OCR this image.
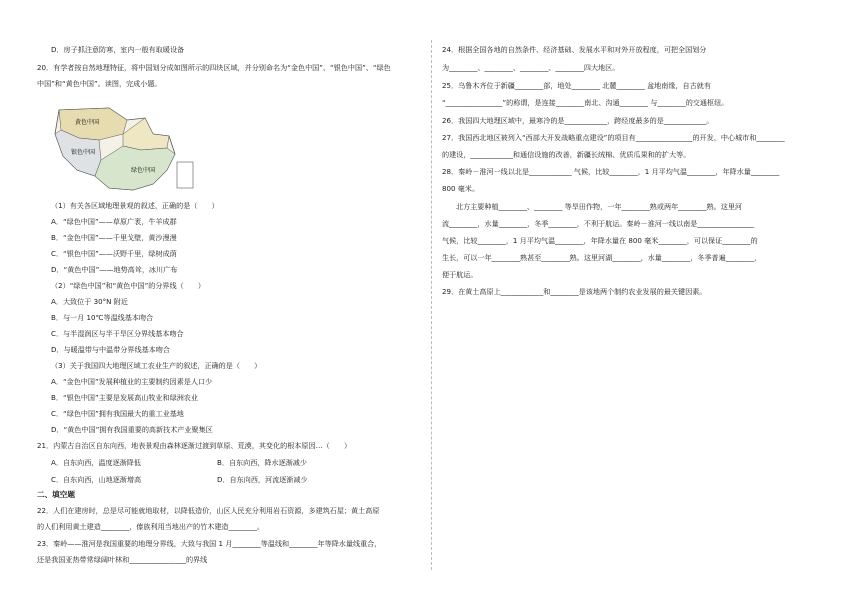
D．房子抓注意防寒，室内一般有取暖设备
20．有学者按自然地理特征，将中国划分成如图所示的四块区域，并分别命名为“金色中国”、“银色中国”、“绿色
中国”和“黄色中国”。读图，完成小题。
（1）有关各区域地理景观的叙述，正确的是（　　）
A．“绿色中国”——草原广袤，牛羊成群
B．“金色中国”——千里戈壁，黄沙漫漫
C．“银色中国”——沃野千里，绿树成荫
D．“黄色中国”——地势高耸，冰川广布
（2）“绿色中国”和“黄色中国”的分界线（　　）
A．大致位于 30°N 附近
B．与一月 10℃等温线基本吻合
C．与半湿润区与半干旱区分界线基本吻合
D．与暖温带与中温带分界线基本吻合
（3）关于我国四大地理区域工农业生产的叙述，正确的是（　　）
A．“金色中国”发展种植业的主要制约因素是人口少
B．“银色中国”主要是发展高山牧业和绿洲农业
C．“绿色中国”拥有我国最大的重工业基地
D．“黄色中国”拥有我国重要的高新技术产业聚集区
21．内蒙古自治区自东向西，地表景观由森林逐渐过渡到草原、荒漠，其变化的根本原因…（　　）
A．自东向西，温度逐渐降低	B．自东向西，降水逐渐减少
C．自东向西，山地逐渐增高	D．自东向西，河流逐渐减少
二、填空题
22．人们在建房时，总是尽可能就地取材，以降低造价，山区人民充分利用岩石资源，多建筑石屋；黄土高原
的人们利用黄土建造________，傣族利用当地出产的竹木建造________。
23．秦岭——淮河是我国重要的地理分界线，大致与我国 1 月________等温线和________年等降水量线重合，
还是我国亚热带常绿阔叶林和________________的界线
24．根据全国各地的自然条件、经济基础、发展水平和对外开放程度，可把全国划分
为________、________、________、________四大地区。
25．乌鲁木齐位于新疆________部，地处________ 北麓________ 盆地南缘，自古就有
“________________”的称谓，是连接________南北、沟通________ 与________的交通枢纽。
26．我国四大地理区域中，最寒冷的是____________，跨经度最多的是____________。
27．我国西北地区被列入“西部大开发战略重点建设”的项目有________________的开发，中心城市和________
的建设，____________和通信设施的改善，新疆长绒棉、优质瓜果和的扩大等。
28．秦岭－淮河一线以北是____________ 气候，比较________，1 月平均气温________，年降水量________
800 毫米。
北方主要种植________、________ 等旱田作物，一年________熟或两年________熟。这里河
流________，水量________，冬季________，不利于航运。秦岭－淮河一线以南是________________
气候，比较________，1 月平均气温________，年降水量在 800 毫米________，可以保证________的
生长，可以一年________熟甚至________熟。这里河湖________，水量________，冬季普遍________，
便于航运。
29．在黄土高原上____________和________是该地两个制约农业发展的最关键因素。
黄色中国
银色中国
绿色中国
